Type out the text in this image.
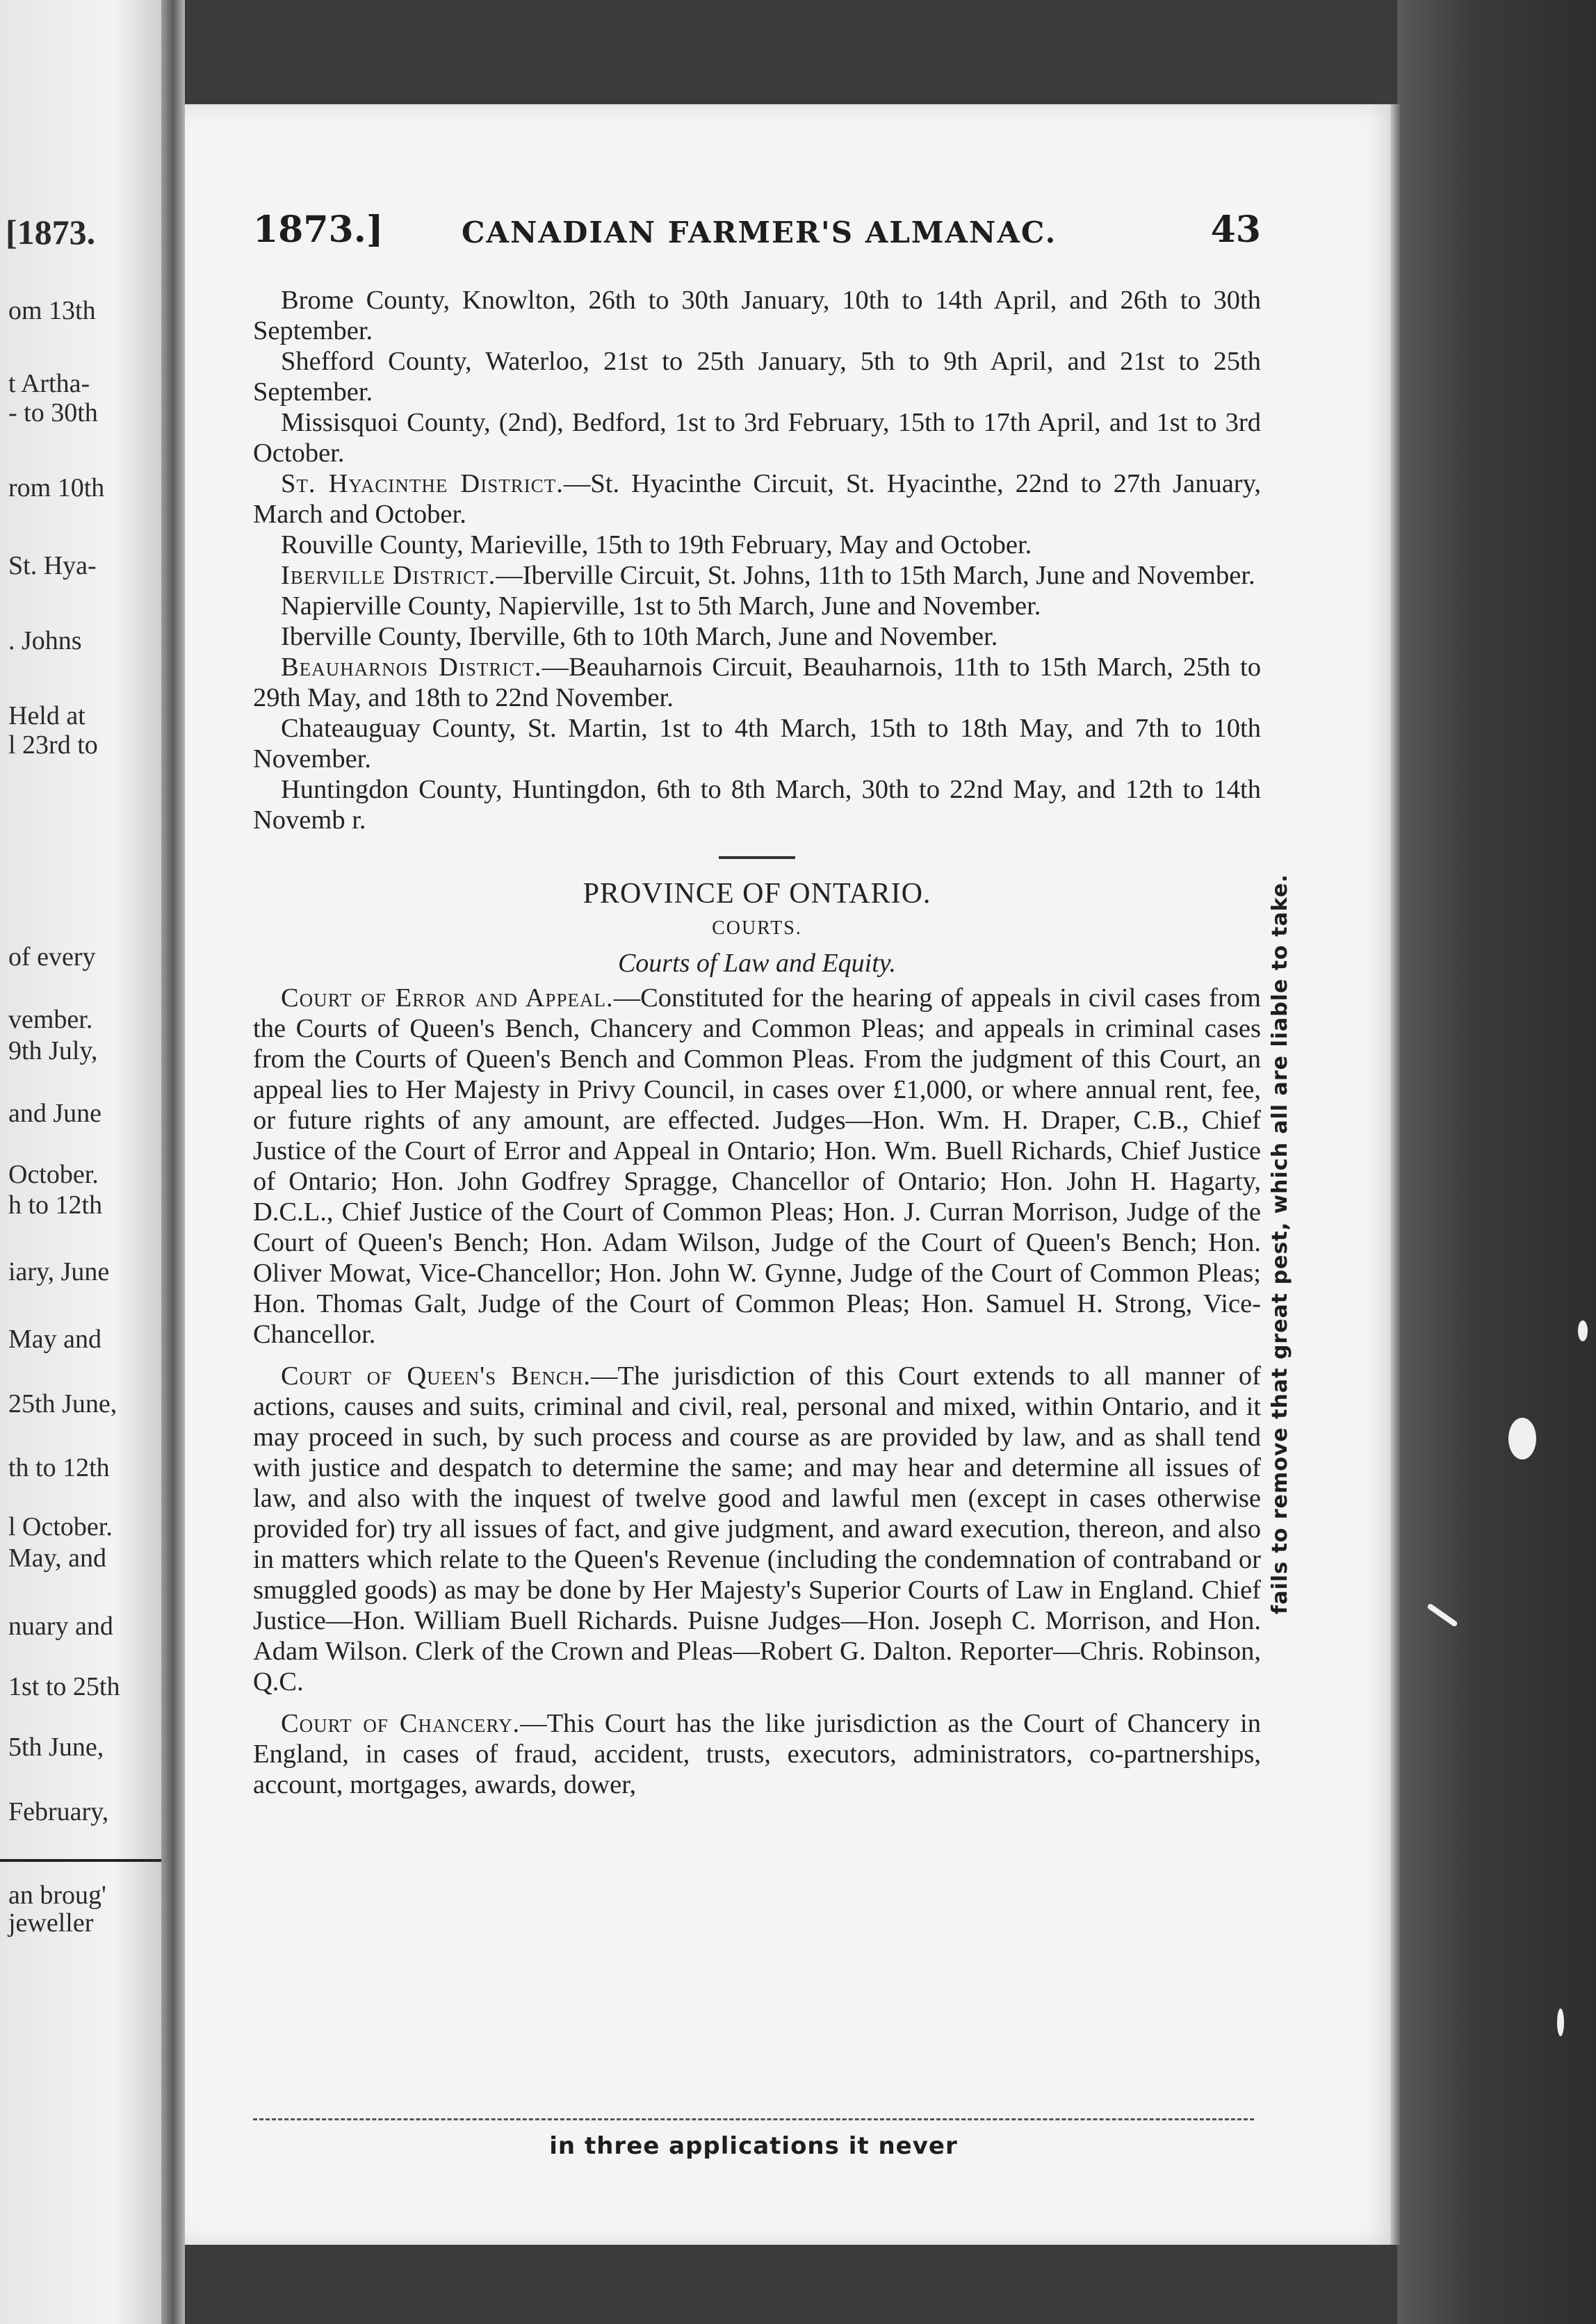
[1873.
om 13th
t Artha-
- to 30th
rom 10th
St. Hya-
. Johns
Held at
l 23rd to
of every
vember.
9th July,
and June
October.
h to 12th
iary, June
May and
25th June,
th to 12th
l October.
May, and
nuary and
1st to 25th
5th June,
February,
an broug'
jeweller
1873.]	CANADIAN FARMER'S ALMANAC.	43

Brome County, Knowlton, 26th to 30th January, 10th to 14th April, and 26th to 30th September.

Shefford County, Waterloo, 21st to 25th January, 5th to 9th April, and 21st to 25th September.

Missisquoi County, (2nd), Bedford, 1st to 3rd February, 15th to 17th April, and 1st to 3rd October.

St. Hyacinthe District.—St. Hyacinthe Circuit, St. Hyacinthe, 22nd to 27th January, March and October.

Rouville County, Marieville, 15th to 19th February, May and October.

Iberville District.—Iberville Circuit, St. Johns, 11th to 15th March, June and November.

Napierville County, Napierville, 1st to 5th March, June and November.

Iberville County, Iberville, 6th to 10th March, June and November.

Beauharnois District.—Beauharnois Circuit, Beauharnois, 11th to 15th March, 25th to 29th May, and 18th to 22nd November.

Chateauguay County, St. Martin, 1st to 4th March, 15th to 18th May, and 7th to 10th November.

Huntingdon County, Huntingdon, 6th to 8th March, 30th to 22nd May, and 12th to 14th Novemb r.

PROVINCE OF ONTARIO.

COURTS.

Courts of Law and Equity.

Court of Error and Appeal.—Constituted for the hearing of appeals in civil cases from the Courts of Queen's Bench, Chancery and Common Pleas; and appeals in criminal cases from the Courts of Queen's Bench and Common Pleas. From the judgment of this Court, an appeal lies to Her Majesty in Privy Council, in cases over £1,000, or where annual rent, fee, or future rights of any amount, are effected. Judges—Hon. Wm. H. Draper, C.B., Chief Justice of the Court of Error and Appeal in Ontario; Hon. Wm. Buell Richards, Chief Justice of Ontario; Hon. John Godfrey Spragge, Chancellor of Ontario; Hon. John H. Hagarty, D.C.L., Chief Justice of the Court of Common Pleas; Hon. J. Curran Morrison, Judge of the Court of Queen's Bench; Hon. Adam Wilson, Judge of the Court of Queen's Bench; Hon. Oliver Mowat, Vice-Chancellor; Hon. John W. Gynne, Judge of the Court of Common Pleas; Hon. Thomas Galt, Judge of the Court of Common Pleas; Hon. Samuel H. Strong, Vice-Chancellor.

Court of Queen's Bench.—The jurisdiction of this Court extends to all manner of actions, causes and suits, criminal and civil, real, personal and mixed, within Ontario, and it may proceed in such, by such process and course as are provided by law, and as shall tend with justice and despatch to determine the same; and may hear and determine all issues of law, and also with the inquest of twelve good and lawful men (except in cases otherwise provided for) try all issues of fact, and give judgment, and award execution, thereon, and also in matters which relate to the Queen's Revenue (including the condemnation of contraband or smuggled goods) as may be done by Her Majesty's Superior Courts of Law in England. Chief Justice—Hon. William Buell Richards. Puisne Judges—Hon. Joseph C. Morrison, and Hon. Adam Wilson. Clerk of the Crown and Pleas—Robert G. Dalton. Reporter—Chris. Robinson, Q.C.

Court of Chancery.—This Court has the like jurisdiction as the Court of Chancery in England, in cases of fraud, accident, trusts, executors, administrators, co-partnerships, account, mortgages, awards, dower,

in three applications it never
fails to remove that great pest, which all are liable to take.
